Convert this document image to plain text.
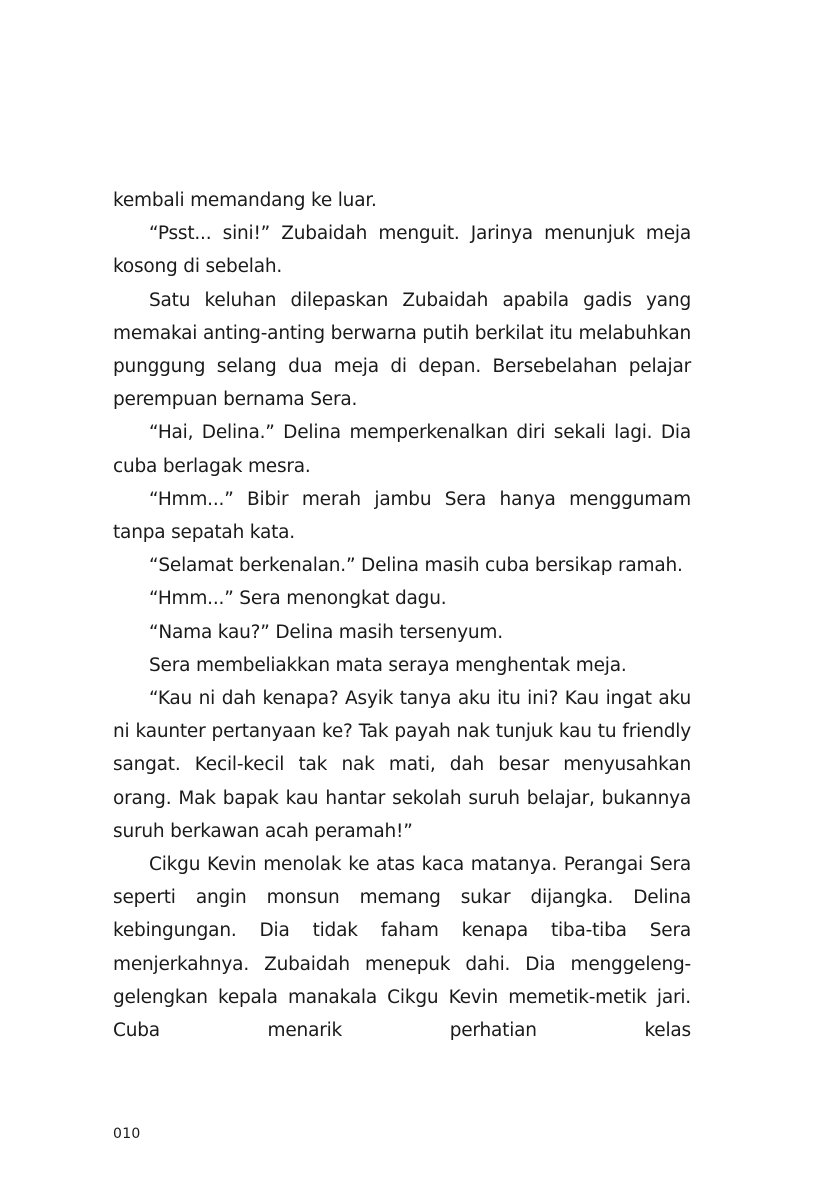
kembali memandang ke luar.

“Psst... sini!” Zubaidah menguit. Jarinya menunjuk meja kosong di sebelah.

Satu keluhan dilepaskan Zubaidah apabila gadis yang memakai anting-anting berwarna putih berkilat itu melabuhkan punggung selang dua meja di depan. Bersebelahan pelajar perempuan bernama Sera.

“Hai, Delina.” Delina memperkenalkan diri sekali lagi. Dia cuba berlagak mesra.

“Hmm...” Bibir merah jambu Sera hanya menggumam tanpa sepatah kata.

“Selamat berkenalan.” Delina masih cuba bersikap ramah.

“Hmm...” Sera menongkat dagu.

“Nama kau?” Delina masih tersenyum.

Sera membeliakkan mata seraya menghentak meja.

“Kau ni dah kenapa? Asyik tanya aku itu ini? Kau ingat aku ni kaunter pertanyaan ke? Tak payah nak tunjuk kau tu friendly sangat. Kecil-kecil tak nak mati, dah besar menyusahkan orang. Mak bapak kau hantar sekolah suruh belajar, bukannya suruh berkawan acah peramah!”

Cikgu Kevin menolak ke atas kaca matanya. Perangai Sera seperti angin monsun memang sukar dijangka. Delina kebingungan. Dia tidak faham kenapa tiba-tiba Sera menjerkahnya. Zubaidah menepuk dahi. Dia menggeleng-gelengkan kepala manakala Cikgu Kevin memetik-metik jari. Cuba menarik perhatian kelas

010
